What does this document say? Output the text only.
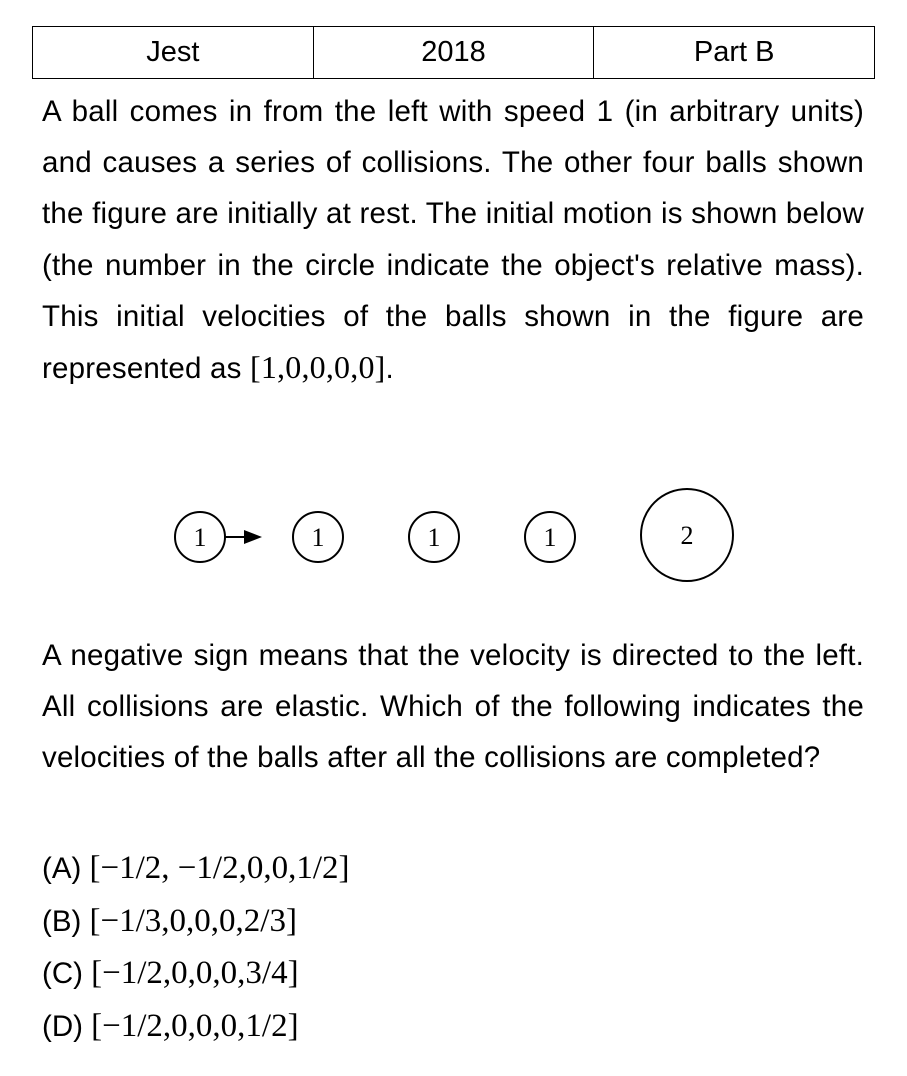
Jest	2018	Part B
A ball comes in from the left with speed 1 (in arbitrary units) and causes a series of collisions. The other four balls shown the figure are initially at rest. The initial motion is shown below (the number in the circle indicate the object's relative mass). This initial velocities of the balls shown in the figure are represented as [1,0,0,0,0].
1	1	1	1	2
A negative sign means that the velocity is directed to the left. All collisions are elastic. Which of the following indicates the velocities of the balls after all the collisions are completed?
(A) [−1/2, −1/2,0,0,1/2]
(B) [−1/3,0,0,0,2/3]
(C) [−1/2,0,0,0,3/4]
(D) [−1/2,0,0,0,1/2]
